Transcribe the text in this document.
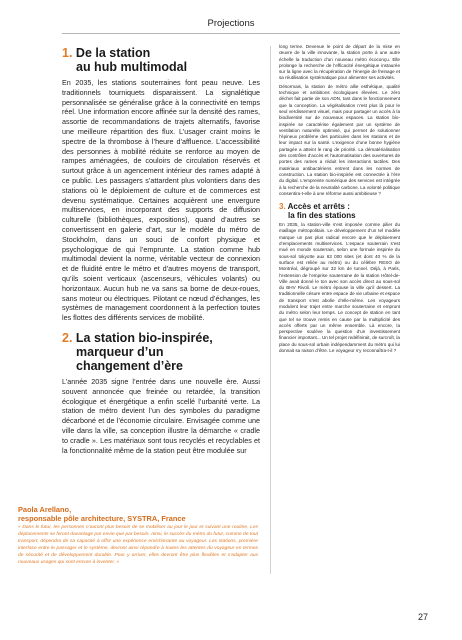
Projections
1. De la station
au hub multimodal

En 2035, les stations souterraines font peau neuve. Les traditionnels tourniquets disparaissent. La signalétique personnalisée se généralise grâce à la connectivité en temps réel. Une information encore affinée sur la densité des rames, assortie de recommandations de trajets alternatifs, favorise une meilleure répartition des flux. L’usager craint moins le spectre de la thrombose à l’heure d’affluence. L’accessibilité des personnes à mobilité réduite se renforce au moyen de rampes aménagées, de couloirs de circulation réservés et surtout grâce à un agencement intérieur des rames adapté à ce public. Les passagers s’attardent plus volontiers dans des stations où le déploiement de culture et de commerces est devenu systématique. Certaines acquièrent une envergure multiservices, en incorporant des supports de diffusion culturelle (bibliothèques, expositions), quand d’autres se convertissent en galerie d’art, sur le modèle du métro de Stockholm, dans un souci de confort physique et psychologique de qui l’emprunte. La station comme hub multimodal devient la norme, véritable vecteur de connexion et de fluidité entre le métro et d’autres moyens de transport, qu’ils soient verticaux (ascenseurs, véhicules volants) ou horizontaux. Aucun hub ne va sans sa borne de deux-roues, sans moteur ou électriques. Pilotant ce nœud d’échanges, les systèmes de management coordonnent à la perfection toutes les flottes des différents services de mobilité.

2. La station bio-inspirée,
marqueur d’un
changement d’ère

L’année 2035 signe l’entrée dans une nouvelle ère. Aussi souvent annoncée que freinée ou retardée, la transition écologique et énergétique a enfin scellé l’urbanité verte. La station de métro devient l’un des symboles du paradigme décarboné et de l’économie circulaire. Envisagée comme une ville dans la ville, sa conception illustre la démarche « cradle to cradle ». Les matériaux sont tous recyclés et recyclables et la fonctionnalité même de la station peut être modulée sur

Paola Arellano,
responsable pôle architecture, SYSTRA, France

« Dans le futur, les personnes n’auront plus besoin de se mobiliser au jour le jour et suivant une routine. Les déplacements se feront davantage par envie que par besoin. Ainsi, le succès du métro du futur, comme de tout transport, dépendra de sa capacité à offrir une expérience enrichissante au voyageur. Les stations, première interface entre le passager et le système, devront ainsi répondre à toutes les attentes du voyageur en termes de sécurité et de développement durable. Pour y arriver, elles devront être plus flexibles et s’adapter aux nouveaux usages qui sont encore à inventer. »

long terme. Devenue le point de départ de la mise en œuvre de la ville innovante, la station porte à une autre échelle la traduction d’un nouveau métro écoconçu. Elle prolonge la recherche de l’efficacité énergétique instaurée sur la ligne avec la récupération de l’énergie de freinage et sa réutilisation systématique pour alimenter ses activités.

Désormais, la station de métro allie esthétique, qualité technique et ambitions écologiques élevées. Le zéro déchet fait partie de son ADN, tant dans le fonctionnement que la conception. La végétalisation n’est plus là pour le seul verdissement visuel, mais pour partager un accès à la biodiversité sur de nouveaux espaces. La station bio-inspirée se caractérise également par un système de ventilation naturelle optimisé, qui permet de solutionner l’épineux problème des particules dans les stations et de leur impact sur la santé. L’exigence d’une bonne hygiène partagée a atteint le rang de priorité. La dématérialisation des contrôles d’accès et l’automatisation des ouvertures de portes des rames a réduit les interactions tactiles. Des matériaux antibactériens entrent dans les normes de construction. La station bio-inspirée est connectée à l’ère du digital. L’empreinte numérique des services est intégrée à la recherche de la neutralité carbone. La volonté politique consentira-t-elle à une réforme aussi ambitieuse ?

3. Accès et arrêts :
la fin des stations

En 2035, la station-ville s’est imposée comme pilier du maillage métropolitain. Le développement d’un tel modèle marque un pas plus radical encore que le déploiement d’emplacements multiservices. L’espace souterrain s’est mué en monde souterrain, selon une formule inspirée du sous-sol tokyoïte aux 63 000 sites (et dont 40 % de la surface est reliée au métro) ou du célèbre RESO de Montréal, dégroupé sur 32 km de tunnel. Déjà, à Paris, l’extension de l’emprise souterraine de la station Hôtel-de-Ville avait donné le ton avec son accès direct au sous-sol du BHV Rivoli. Le métro épouse la ville qu’il dessert. La traditionnelle césure entre espace de vie urbaine et espace de transport s’est abolie d’elle-même. Les voyageurs modulent leur trajet entre marche souterraine et emprunt du métro selon leur temps. Le concept de station en tant que tel se trouve remis en cause par la multiplicité des accès offerts par un même ensemble. Là encore, la perspective soulève la question d’un investissement financier important... Un tel projet redéfinirait, de surcroît, la place du sous-sol urbain indépendamment du métro qui lui donnait sa raison d’être. Le voyageur s’y reconnaîtra-t-il ?

27
